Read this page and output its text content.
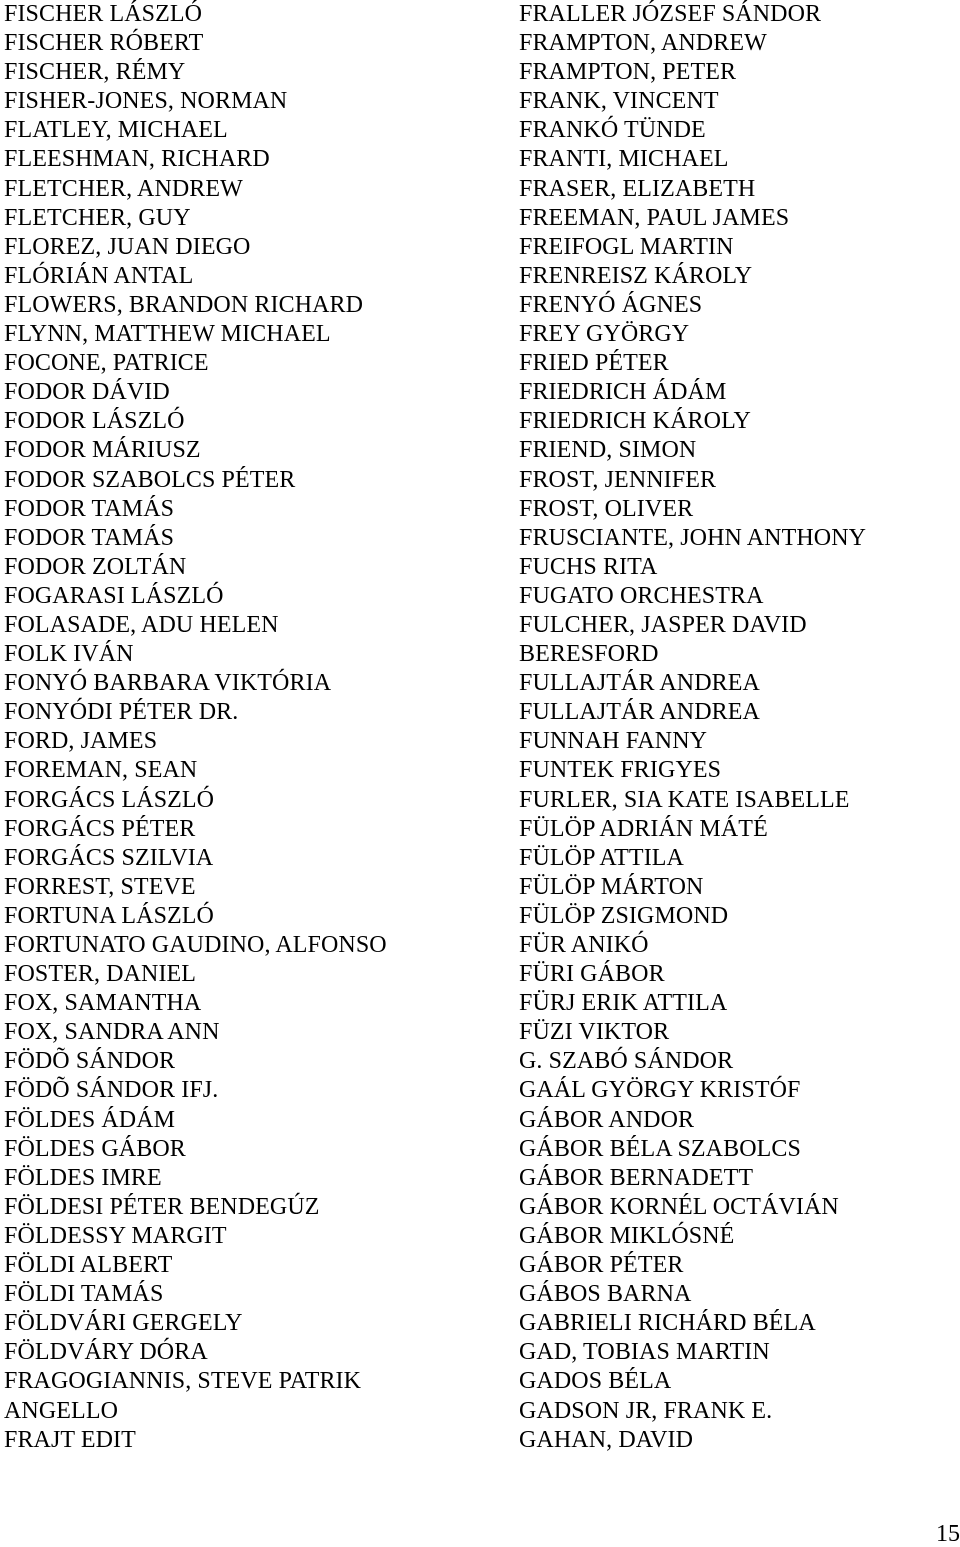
FISCHER LÁSZLÓ
FISCHER RÓBERT
FISCHER, RÉMY
FISHER-JONES, NORMAN
FLATLEY, MICHAEL
FLEESHMAN, RICHARD
FLETCHER, ANDREW
FLETCHER, GUY
FLOREZ, JUAN DIEGO
FLÓRIÁN ANTAL
FLOWERS, BRANDON RICHARD
FLYNN, MATTHEW MICHAEL
FOCONE, PATRICE
FODOR DÁVID
FODOR LÁSZLÓ
FODOR MÁRIUSZ
FODOR SZABOLCS PÉTER
FODOR TAMÁS
FODOR TAMÁS
FODOR ZOLTÁN
FOGARASI LÁSZLÓ
FOLASADE, ADU HELEN
FOLK IVÁN
FONYÓ BARBARA VIKTÓRIA
FONYÓDI PÉTER DR.
FORD, JAMES
FOREMAN, SEAN
FORGÁCS LÁSZLÓ
FORGÁCS PÉTER
FORGÁCS SZILVIA
FORREST, STEVE
FORTUNA LÁSZLÓ
FORTUNATO GAUDINO, ALFONSO
FOSTER, DANIEL
FOX, SAMANTHA
FOX, SANDRA ANN
FÖDÕ SÁNDOR
FÖDÕ SÁNDOR IFJ.
FÖLDES ÁDÁM
FÖLDES GÁBOR
FÖLDES IMRE
FÖLDESI PÉTER BENDEGÚZ
FÖLDESSY MARGIT
FÖLDI ALBERT
FÖLDI TAMÁS
FÖLDVÁRI GERGELY
FÖLDVÁRY DÓRA
FRAGOGIANNIS, STEVE PATRIK
ANGELLO
FRAJT EDIT
FRALLER JÓZSEF SÁNDOR
FRAMPTON, ANDREW
FRAMPTON, PETER
FRANK, VINCENT
FRANKÓ TÜNDE
FRANTI, MICHAEL
FRASER, ELIZABETH
FREEMAN, PAUL JAMES
FREIFOGL MARTIN
FRENREISZ KÁROLY
FRENYÓ ÁGNES
FREY GYÖRGY
FRIED PÉTER
FRIEDRICH ÁDÁM
FRIEDRICH KÁROLY
FRIEND, SIMON
FROST, JENNIFER
FROST, OLIVER
FRUSCIANTE, JOHN ANTHONY
FUCHS RITA
FUGATO ORCHESTRA
FULCHER, JASPER DAVID
BERESFORD
FULLAJTÁR ANDREA
FULLAJTÁR ANDREA
FUNNAH FANNY
FUNTEK FRIGYES
FURLER, SIA KATE ISABELLE
FÜLÖP ADRIÁN MÁTÉ
FÜLÖP ATTILA
FÜLÖP MÁRTON
FÜLÖP ZSIGMOND
FÜR ANIKÓ
FÜRI GÁBOR
FÜRJ ERIK ATTILA
FÜZI VIKTOR
G. SZABÓ SÁNDOR
GAÁL GYÖRGY KRISTÓF
GÁBOR ANDOR
GÁBOR BÉLA SZABOLCS
GÁBOR BERNADETT
GÁBOR KORNÉL OCTÁVIÁN
GÁBOR MIKLÓSNÉ
GÁBOR PÉTER
GÁBOS BARNA
GABRIELI RICHÁRD BÉLA
GAD, TOBIAS MARTIN
GADOS BÉLA
GADSON JR, FRANK E.
GAHAN, DAVID
15
